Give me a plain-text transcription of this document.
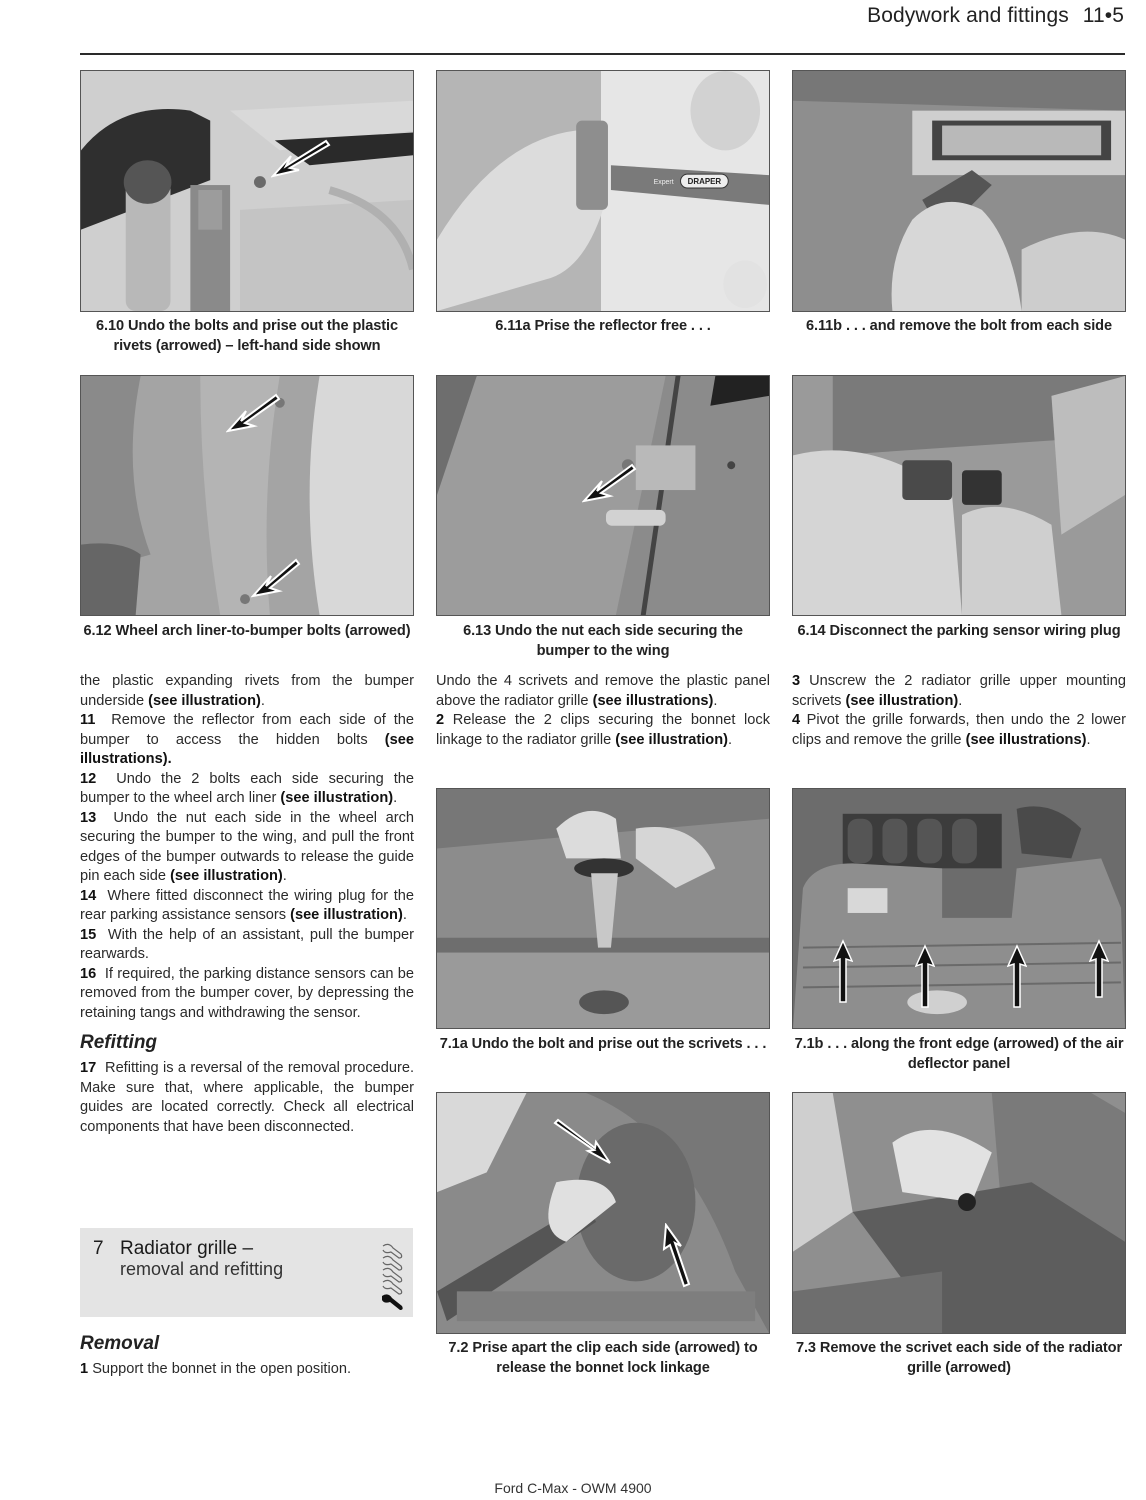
Bodywork and fittings 11•5
6.10 Undo the bolts and prise out the plastic rivets (arrowed) – left-hand side shown
DRAPER
Expert
6.11a Prise the reflector free . . .	6.11b . . . and remove the bolt from each side
6.12 Wheel arch liner-to-bumper bolts (arrowed)	6.13 Undo the nut each side securing the bumper to the wing
6.14 Disconnect the parking sensor wiring plug

the plastic expanding rivets from the bumper underside (see illustration).

11 Remove the reflector from each side of the bumper to access the hidden bolts (see illustrations).

12 Undo the 2 bolts each side securing the bumper to the wheel arch liner (see illustration).

13 Undo the nut each side in the wheel arch securing the bumper to the wing, and pull the front edges of the bumper outwards to release the guide pin each side (see illustration).

14 Where fitted disconnect the wiring plug for the rear parking assistance sensors (see illustration).

15 With the help of an assistant, pull the bumper rearwards.

16 If required, the parking distance sensors can be removed from the bumper cover, by depressing the retaining tangs and withdrawing the sensor.

Refitting

17 Refitting is a reversal of the removal procedure. Make sure that, where applicable, the bumper guides are located correctly. Check all electrical components that have been disconnected.

7 Radiator grille –
removal and refitting
Removal

1 Support the bonnet in the open position.

Undo the 4 scrivets and remove the plastic panel above the radiator grille (see illustrations).

2 Release the 2 clips securing the bonnet lock linkage to the radiator grille (see illustration).

3 Unscrew the 2 radiator grille upper mounting scrivets (see illustration).

4 Pivot the grille forwards, then undo the 2 lower clips and remove the grille (see illustrations).

7.1a Undo the bolt and prise out the scrivets . . . 7.1b . . . along the front edge (arrowed) of the air deflector panel
7.2 Prise apart the clip each side (arrowed) to release the bonnet lock linkage
7.3 Remove the scrivet each side of the radiator grille (arrowed)
Ford C-Max - OWM 4900
